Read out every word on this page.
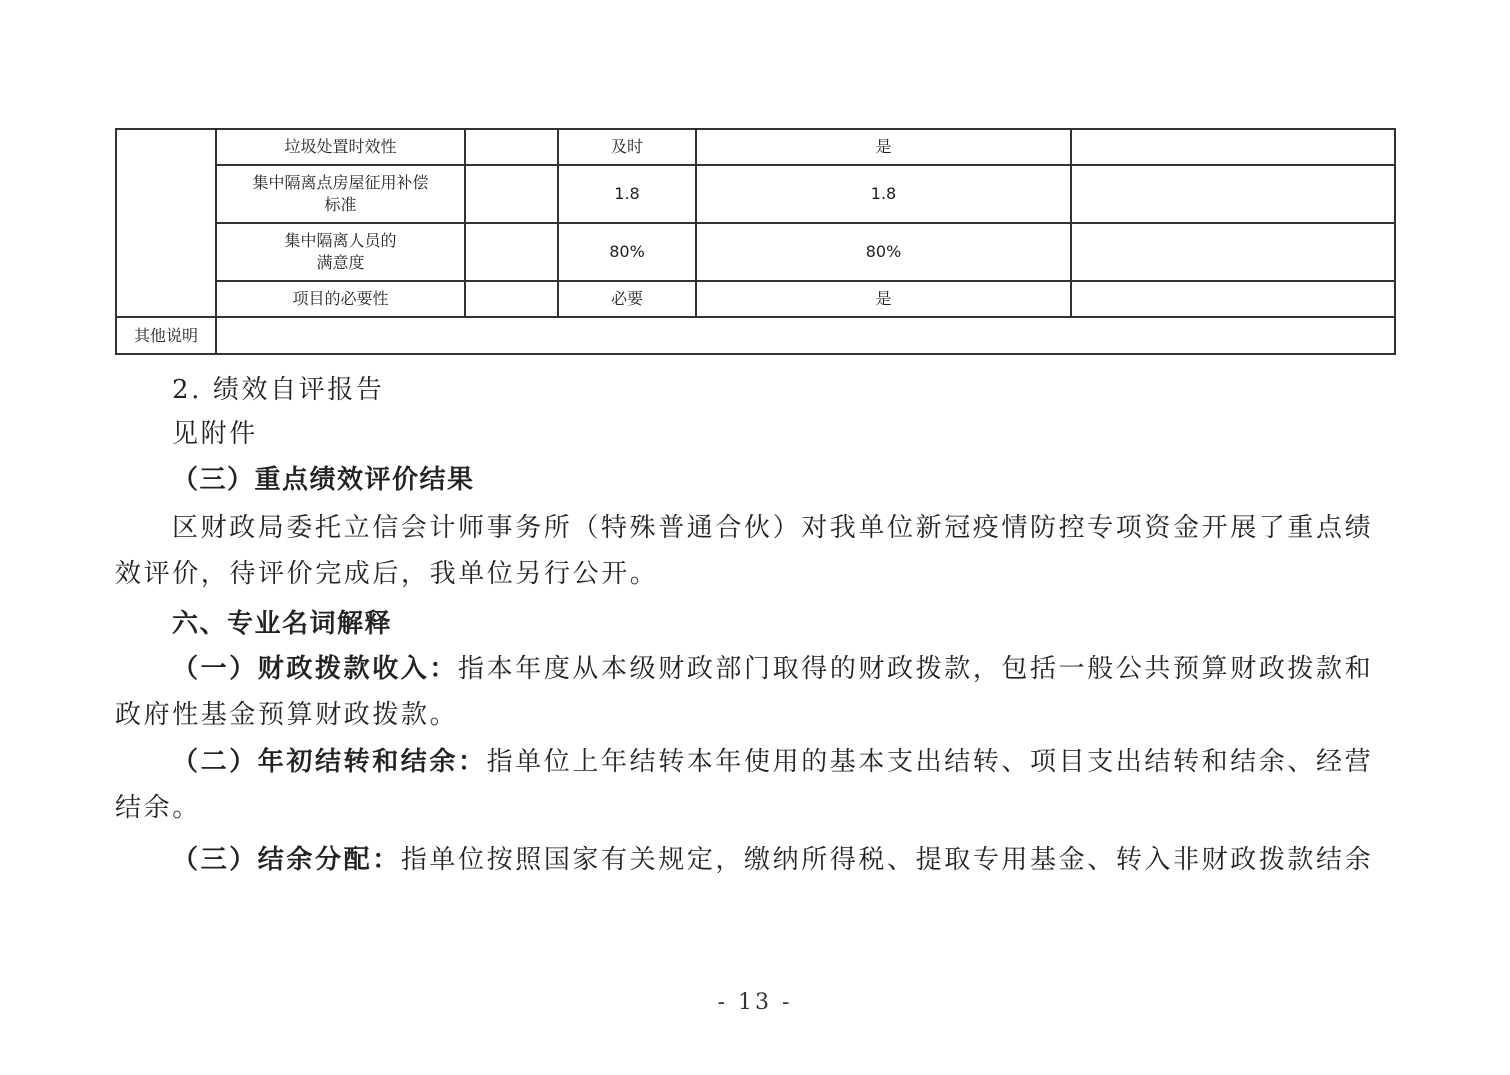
	垃圾处置时效性		及时	是	

	集中隔离点房屋征用补偿
标准		1.8	1.8	

	集中隔离人员的
满意度		80%	80%	
	项目的必要性		必要	是	
其他说明					
2. 绩效自评报告
见附件
（三）重点绩效评价结果
区财政局委托立信会计师事务所（特殊普通合伙）对我单位新冠疫情防控专项资金开展了重点绩
效评价，待评价完成后，我单位另行公开。
六、专业名词解释
（一）财政拨款收入：指本年度从本级财政部门取得的财政拨款，包括一般公共预算财政拨款和
政府性基金预算财政拨款。
（二）年初结转和结余：指单位上年结转本年使用的基本支出结转、项目支出结转和结余、经营
结余。
（三）结余分配：指单位按照国家有关规定，缴纳所得税、提取专用基金、转入非财政拨款结余
- 13 -
